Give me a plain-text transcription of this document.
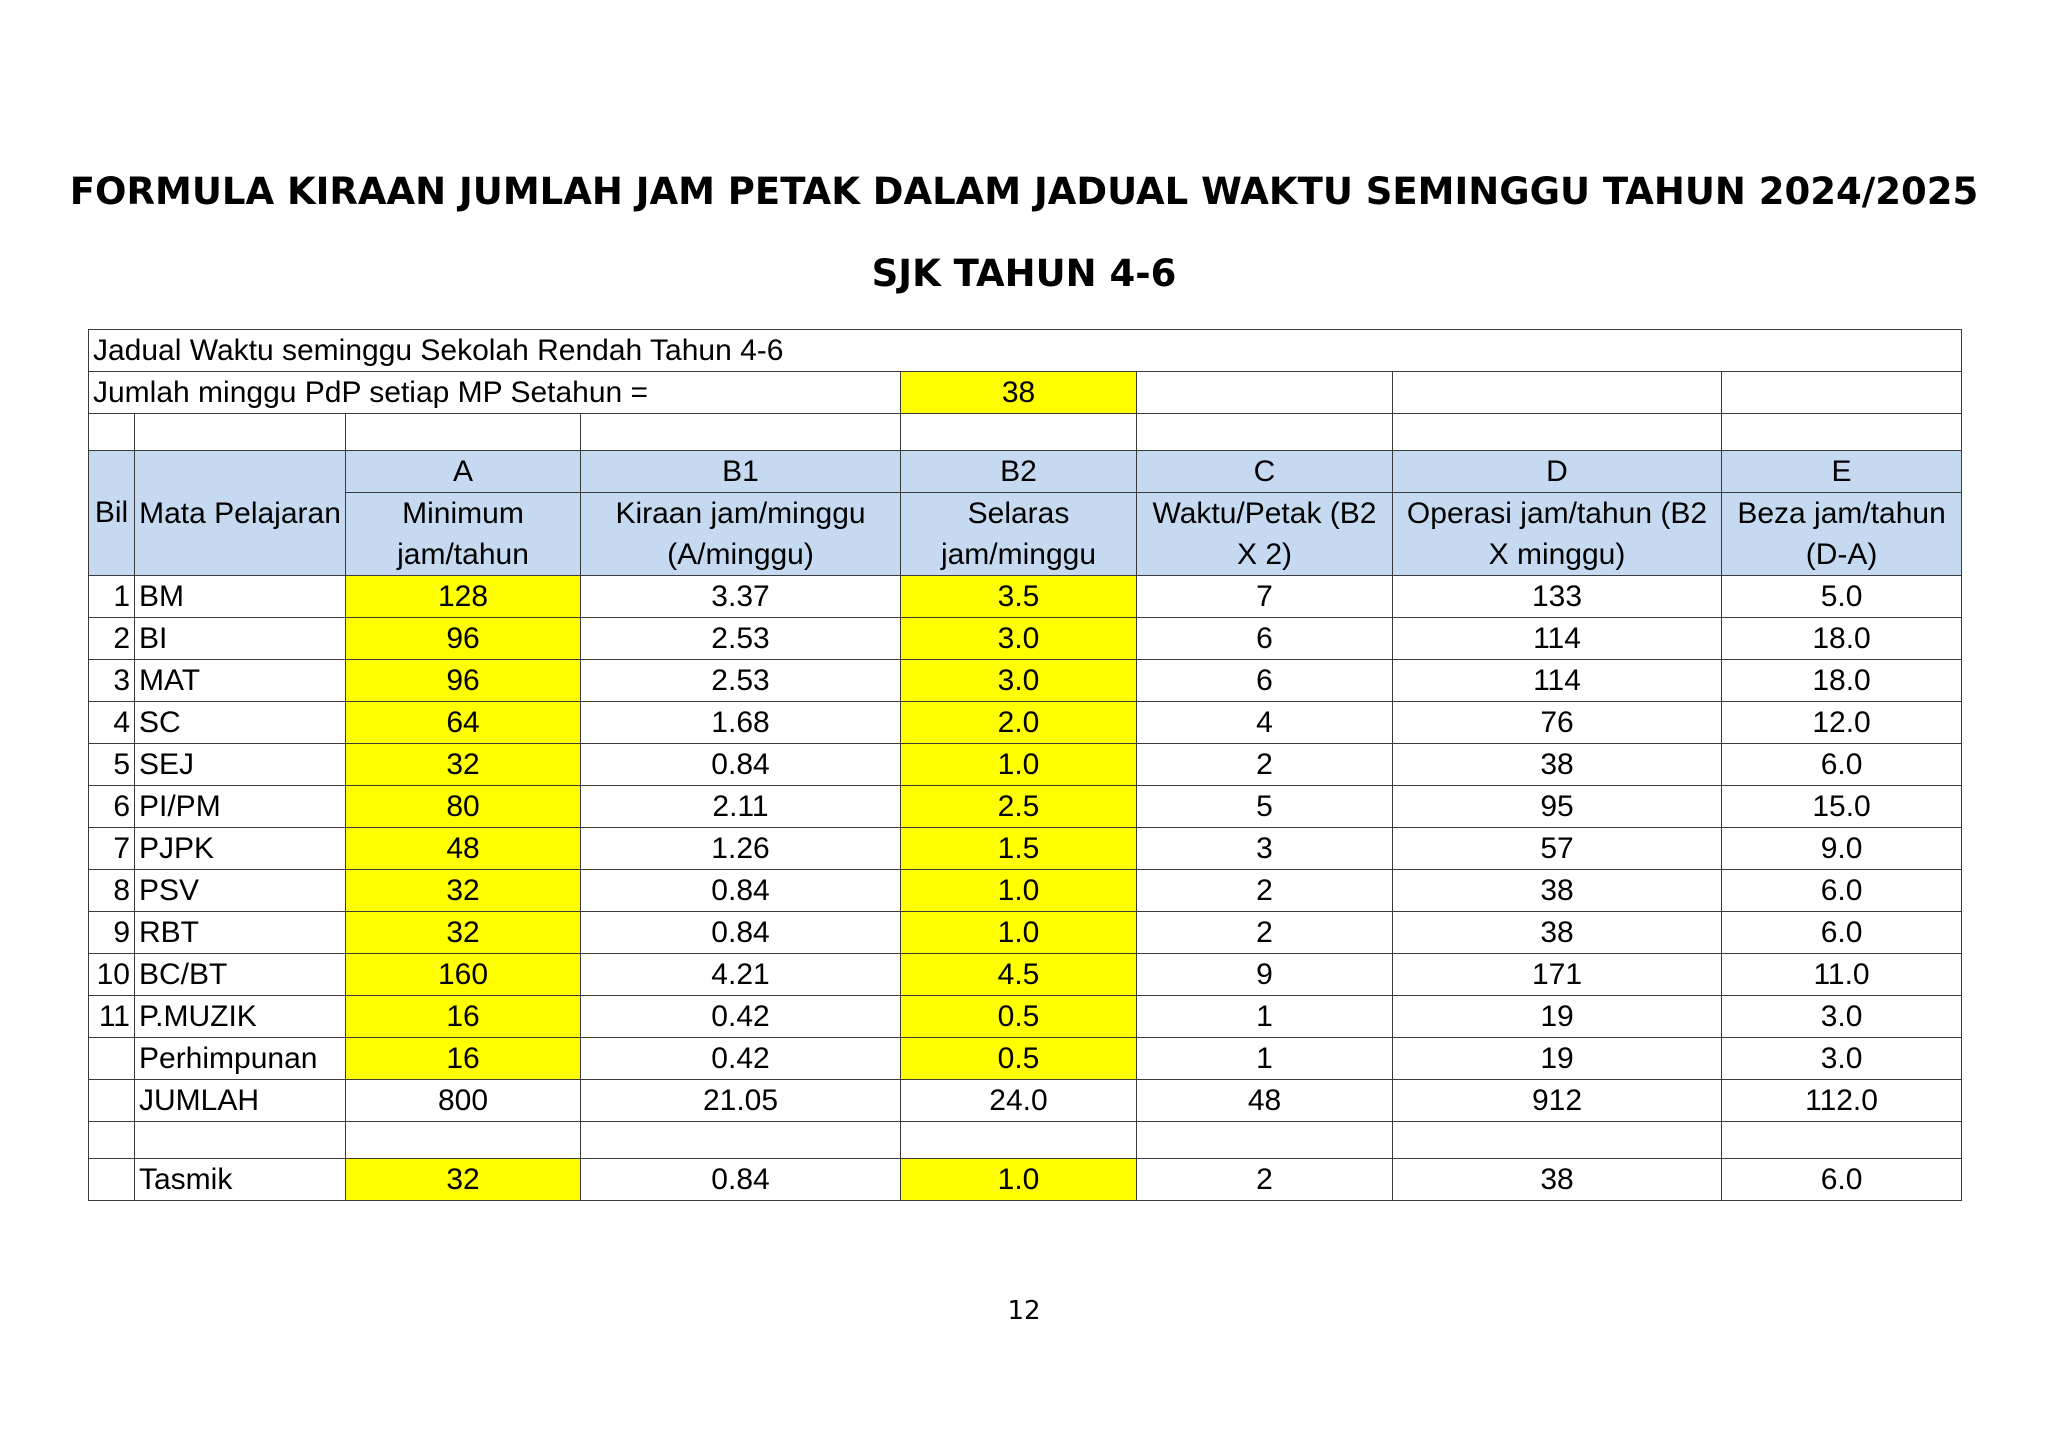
FORMULA KIRAAN JUMLAH JAM PETAK DALAM JADUAL WAKTU SEMINGGU TAHUN 2024/2025
SJK TAHUN 4-6
Jadual Waktu seminggu Sekolah Rendah Tahun 4-6							
Jumlah minggu PdP setiap MP Setahun =				38			

Bil	Mata Pelajaran	A	B1	B2	C	D	E
		Minimum jam/tahun	Kiraan jam/minggu (A/minggu)	Selaras jam/minggu	Waktu/Petak (B2 X 2)	Operasi jam/tahun (B2 X minggu)	Beza jam/tahun (D-A)
1	BM	128	3.37	3.5	7	133	5.0
2	BI	96	2.53	3.0	6	114	18.0
3	MAT	96	2.53	3.0	6	114	18.0
4	SC	64	1.68	2.0	4	76	12.0
5	SEJ	32	0.84	1.0	2	38	6.0
6	PI/PM	80	2.11	2.5	5	95	15.0
7	PJPK	48	1.26	1.5	3	57	9.0
8	PSV	32	0.84	1.0	2	38	6.0
9	RBT	32	0.84	1.0	2	38	6.0
10	BC/BT	160	4.21	4.5	9	171	11.0
11	P.MUZIK	16	0.42	0.5	1	19	3.0
	Perhimpunan	16	0.42	0.5	1	19	3.0
	JUMLAH	800	21.05	24.0	48	912	112.0

	Tasmik	32	0.84	1.0	2	38	6.0
12
